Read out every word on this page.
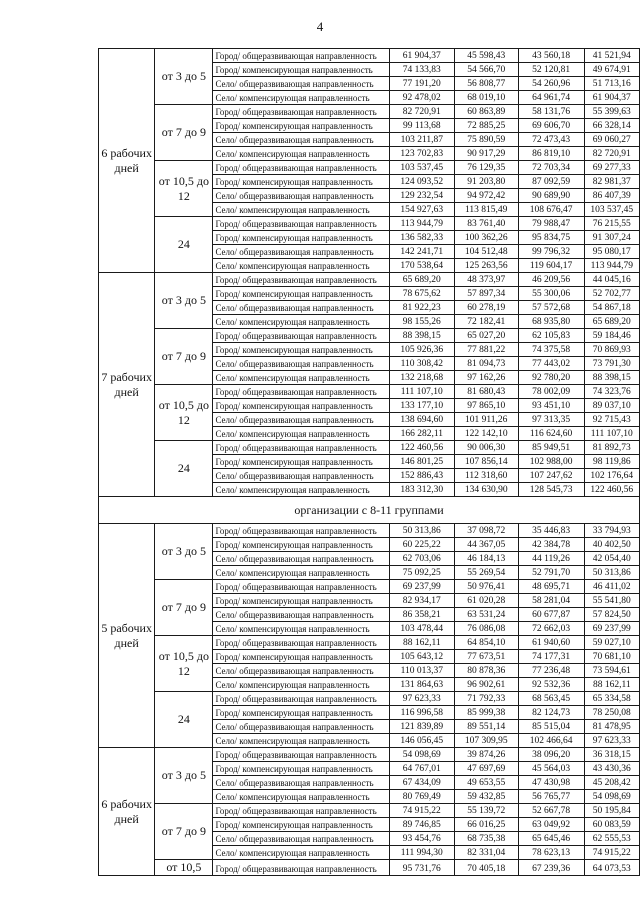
4
6 рабочих дней	от 3 до 5	Город/ общеразвивающая направленность	61 904,37	45 598,43	43 560,18	41 521,94
		Город/ компенсирующая направленность	74 133,83	54 566,70	52 120,81	49 674,91
		Село/ общеразвивающая направленность	77 191,20	56 808,77	54 260,96	51 713,16
		Село/ компенсирующая направленность	92 478,02	68 019,10	64 961,74	61 904,37
	от 7 до 9	Город/ общеразвивающая направленность	82 720,91	60 863,89	58 131,76	55 399,63
		Город/ компенсирующая направленность	99 113,68	72 885,25	69 606,70	66 328,14
		Село/ общеразвивающая направленность	103 211,87	75 890,59	72 473,43	69 060,27
		Село/ компенсирующая направленность	123 702,83	90 917,29	86 819,10	82 720,91
	от 10,5 до 12	Город/ общеразвивающая направленность	103 537,45	76 129,35	72 703,34	69 277,33
		Город/ компенсирующая направленность	124 093,52	91 203,80	87 092,59	82 981,37
		Село/ общеразвивающая направленность	129 232,54	94 972,42	90 689,90	86 407,39
		Село/ компенсирующая направленность	154 927,63	113 815,49	108 676,47	103 537,45
	24	Город/ общеразвивающая направленность	113 944,79	83 761,40	79 988,47	76 215,55
		Город/ компенсирующая направленность	136 582,33	100 362,26	95 834,75	91 307,24
		Село/ общеразвивающая направленность	142 241,71	104 512,48	99 796,32	95 080,17
		Село/ компенсирующая направленность	170 538,64	125 263,56	119 604,17	113 944,79
7 рабочих дней	от 3 до 5	Город/ общеразвивающая направленность	65 689,20	48 373,97	46 209,56	44 045,16
		Город/ компенсирующая направленность	78 675,62	57 897,34	55 300,06	52 702,77
		Село/ общеразвивающая направленность	81 922,23	60 278,19	57 572,68	54 867,18
		Село/ компенсирующая направленность	98 155,26	72 182,41	68 935,80	65 689,20
	от 7 до 9	Город/ общеразвивающая направленность	88 398,15	65 027,20	62 105,83	59 184,46
		Город/ компенсирующая направленность	105 926,36	77 881,22	74 375,58	70 869,93
		Село/ общеразвивающая направленность	110 308,42	81 094,73	77 443,02	73 791,30
		Село/ компенсирующая направленность	132 218,68	97 162,26	92 780,20	88 398,15
	от 10,5 до 12	Город/ общеразвивающая направленность	111 107,10	81 680,43	78 002,09	74 323,76
		Город/ компенсирующая направленность	133 177,10	97 865,10	93 451,10	89 037,10
		Село/ общеразвивающая направленность	138 694,60	101 911,26	97 313,35	92 715,43
		Село/ компенсирующая направленность	166 282,11	122 142,10	116 624,60	111 107,10
	24	Город/ общеразвивающая направленность	122 460,56	90 006,30	85 949,51	81 892,73
		Город/ компенсирующая направленность	146 801,25	107 856,14	102 988,00	98 119,86
		Село/ общеразвивающая направленность	152 886,43	112 318,60	107 247,62	102 176,64
		Село/ компенсирующая направленность	183 312,30	134 630,90	128 545,73	122 460,56
организации с 8-11 группами						
5 рабочих дней	от 3 до 5	Город/ общеразвивающая направленность	50 313,86	37 098,72	35 446,83	33 794,93
		Город/ компенсирующая направленность	60 225,22	44 367,05	42 384,78	40 402,50
		Село/ общеразвивающая направленность	62 703,06	46 184,13	44 119,26	42 054,40
		Село/ компенсирующая направленность	75 092,25	55 269,54	52 791,70	50 313,86
	от 7 до 9	Город/ общеразвивающая направленность	69 237,99	50 976,41	48 695,71	46 411,02
		Город/ компенсирующая направленность	82 934,17	61 020,28	58 281,04	55 541,80
		Село/ общеразвивающая направленность	86 358,21	63 531,24	60 677,87	57 824,50
		Село/ компенсирующая направленность	103 478,44	76 086,08	72 662,03	69 237,99
	от 10,5 до 12	Город/ общеразвивающая направленность	88 162,11	64 854,10	61 940,60	59 027,10
		Город/ компенсирующая направленность	105 643,12	77 673,51	74 177,31	70 681,10
		Село/ общеразвивающая направленность	110 013,37	80 878,36	77 236,48	73 594,61
		Село/ компенсирующая направленность	131 864,63	96 902,61	92 532,36	88 162,11
	24	Город/ общеразвивающая направленность	97 623,33	71 792,33	68 563,45	65 334,58
		Город/ компенсирующая направленность	116 996,58	85 999,38	82 124,73	78 250,08
		Село/ общеразвивающая направленность	121 839,89	89 551,14	85 515,04	81 478,95
		Село/ компенсирующая направленность	146 056,45	107 309,95	102 466,64	97 623,33
6 рабочих дней	от 3 до 5	Город/ общеразвивающая направленность	54 098,69	39 874,26	38 096,20	36 318,15
		Город/ компенсирующая направленность	64 767,01	47 697,69	45 564,03	43 430,36
		Село/ общеразвивающая направленность	67 434,09	49 653,55	47 430,98	45 208,42
		Село/ компенсирующая направленность	80 769,49	59 432,85	56 765,77	54 098,69
	от 7 до 9	Город/ общеразвивающая направленность	74 915,22	55 139,72	52 667,78	50 195,84
		Город/ компенсирующая направленность	89 746,85	66 016,25	63 049,92	60 083,59
		Село/ общеразвивающая направленность	93 454,76	68 735,38	65 645,46	62 555,53
		Село/ компенсирующая направленность	111 994,30	82 331,04	78 623,13	74 915,22
	от 10,5	Город/ общеразвивающая направленность	95 731,76	70 405,18	67 239,36	64 073,53
